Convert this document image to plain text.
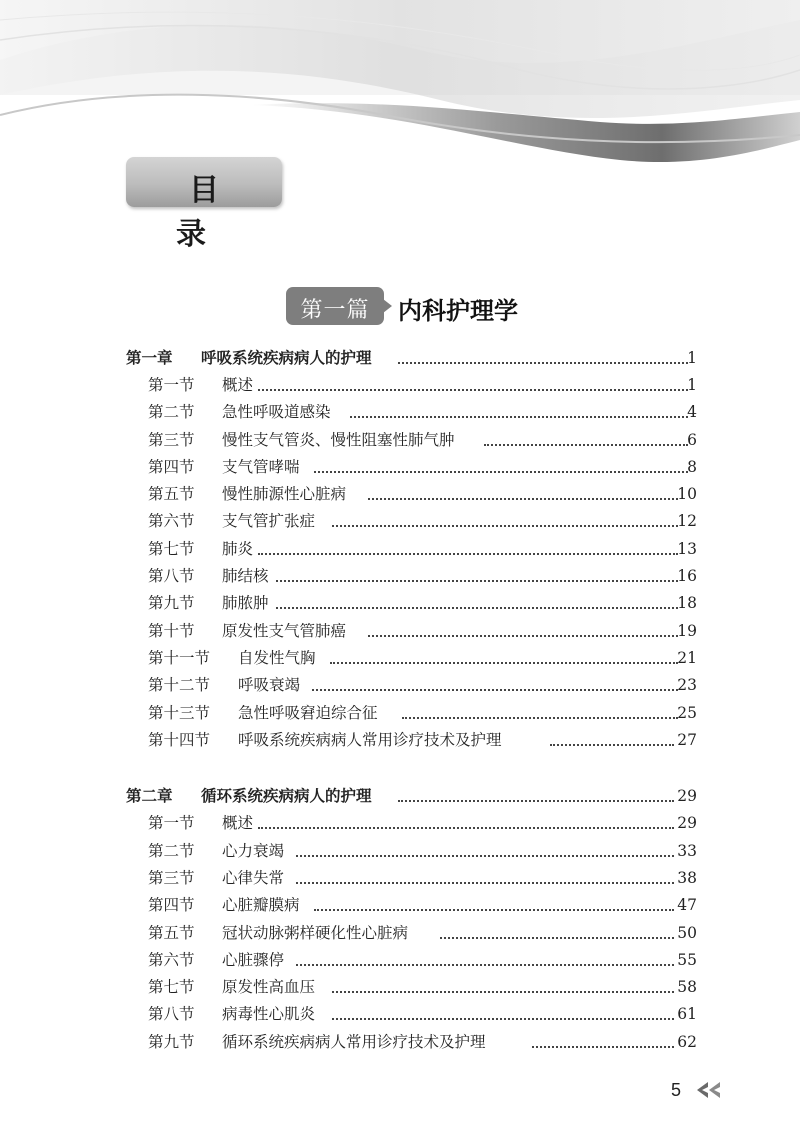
目 录
第一篇	内科护理学
第一章 呼吸系统疾病病人的护理	1
第一节 概述	1
第二节 急性呼吸道感染	4
第三节 慢性支气管炎、慢性阻塞性肺气肿	6
第四节 支气管哮喘	8
第五节 慢性肺源性心脏病	10
第六节 支气管扩张症	12
第七节 肺炎	13
第八节 肺结核	16
第九节 肺脓肿	18
第十节 原发性支气管肺癌	19
第十一节 自发性气胸	21
第十二节 呼吸衰竭	23
第十三节 急性呼吸窘迫综合征	25
第十四节 呼吸系统疾病病人常用诊疗技术及护理	27
第二章 循环系统疾病病人的护理	29
第一节 概述	29
第二节 心力衰竭	33
第三节 心律失常	38
第四节 心脏瓣膜病	47
第五节 冠状动脉粥样硬化性心脏病	50
第六节 心脏骤停	55
第七节 原发性高血压	58
第八节 病毒性心肌炎	61
第九节 循环系统疾病病人常用诊疗技术及护理	62
5
